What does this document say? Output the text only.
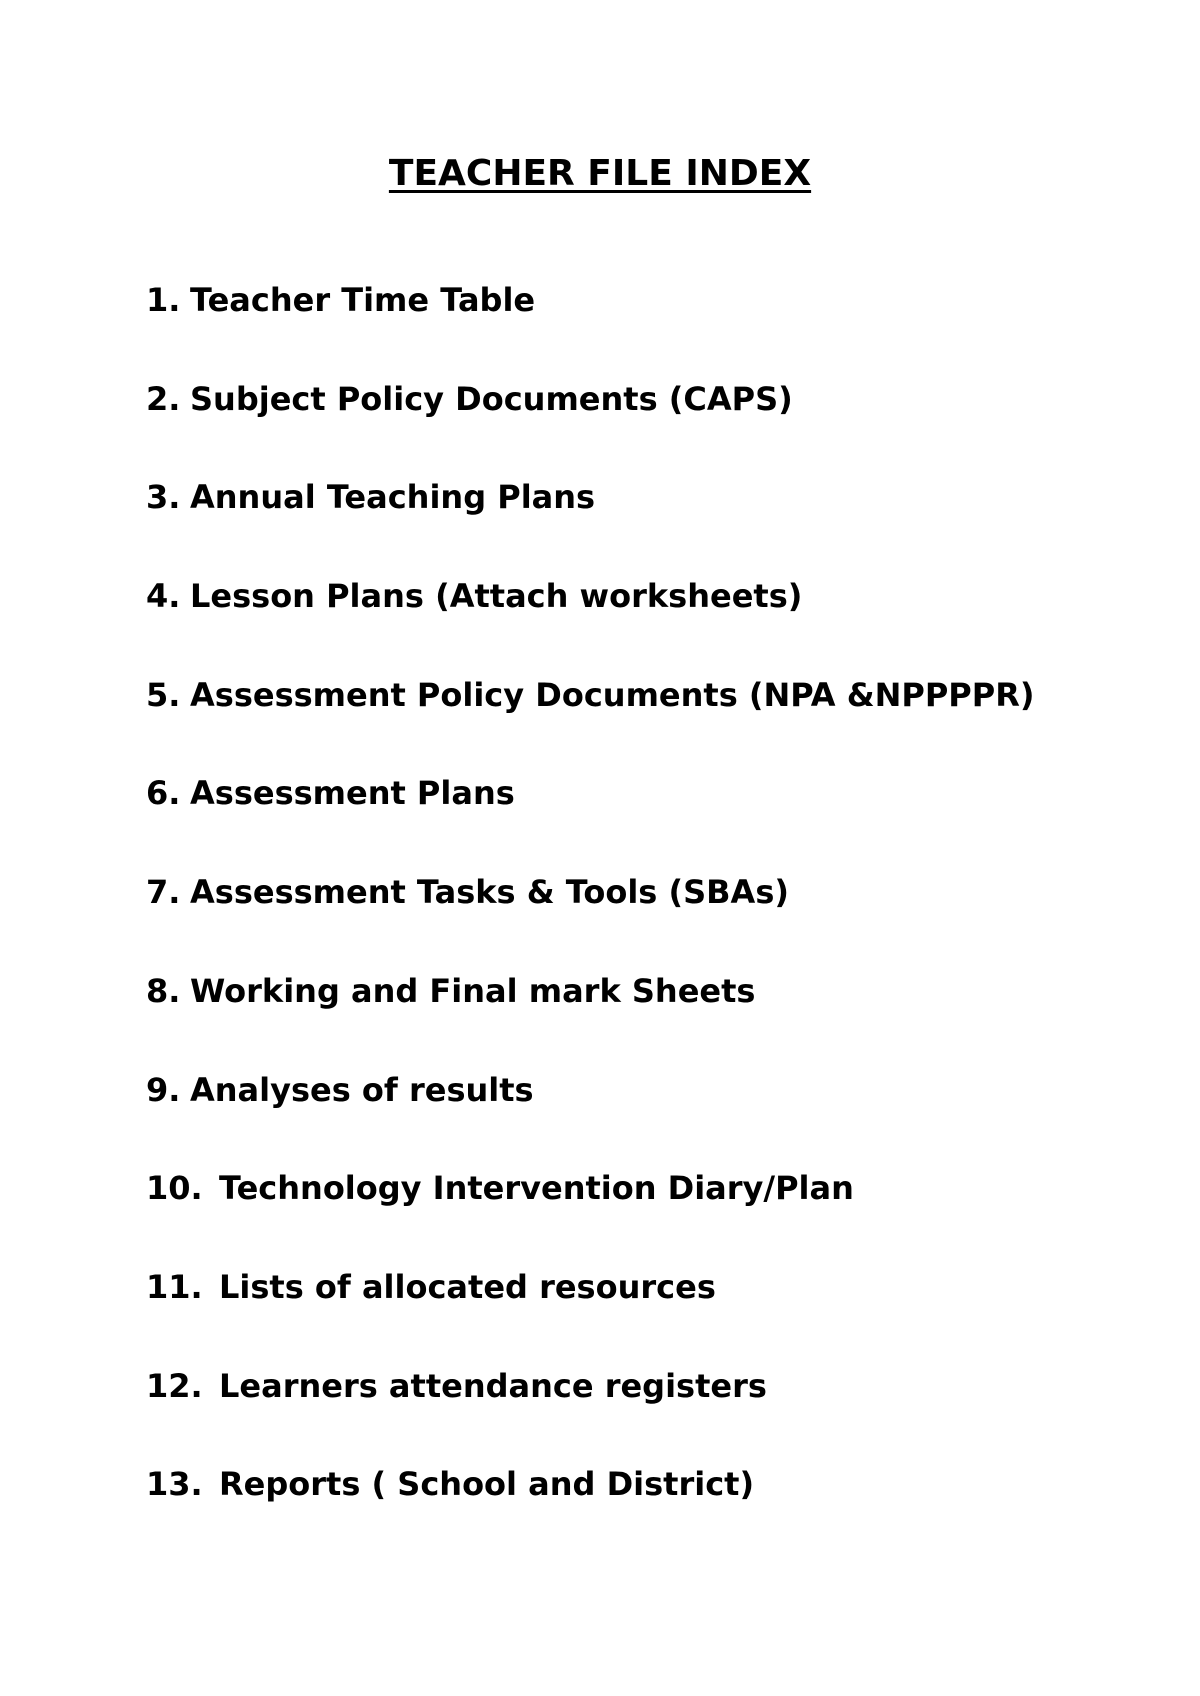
TEACHER FILE INDEX
1. Teacher Time Table
2. Subject Policy Documents (CAPS)
3. Annual Teaching Plans
4. Lesson Plans (Attach worksheets)
5. Assessment Policy Documents (NPA &NPPPPR)
6. Assessment Plans
7. Assessment Tasks & Tools (SBAs)
8. Working and Final mark Sheets
9. Analyses of results
10. Technology Intervention Diary/Plan
11. Lists of allocated resources
12. Learners attendance registers
13. Reports ( School and District)
